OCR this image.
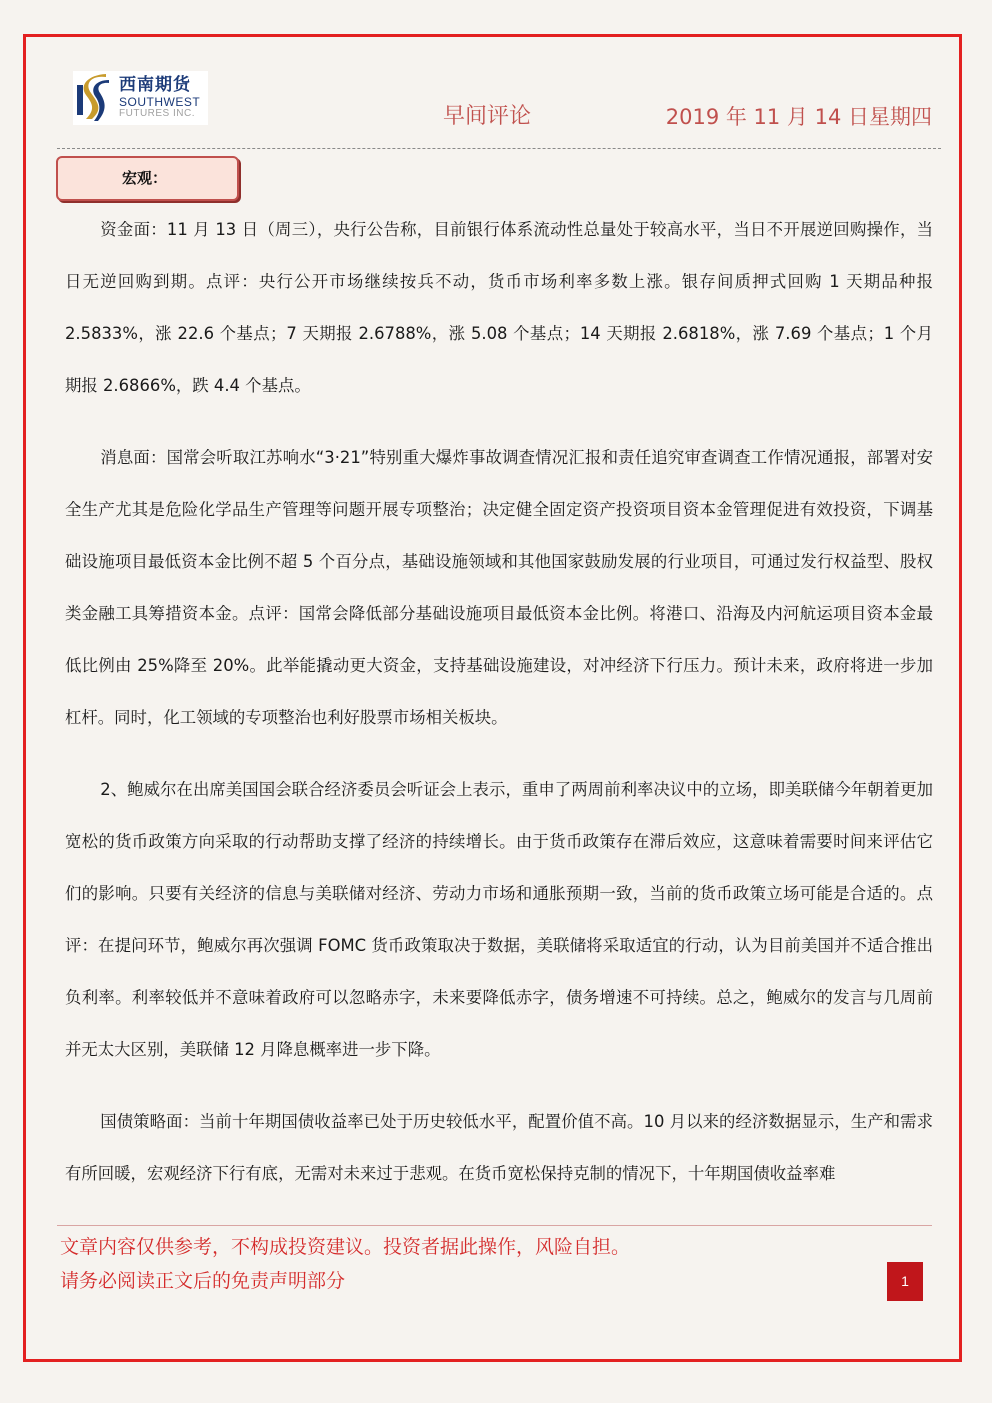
西南期货
SOUTHWEST
FUTURES INC.	早间评论	2019 年 11 月 14 日星期四
宏观：

资金面：11 月 13 日（周三），央行公告称，目前银行体系流动性总量处于较高水平，当日不开展逆回购操作，当日无逆回购到期。点评：央行公开市场继续按兵不动，货币市场利率多数上涨。银存间质押式回购 1 天期品种报 2.5833%，涨 22.6 个基点；7 天期报 2.6788%，涨 5.08 个基点；14 天期报 2.6818%，涨 7.69 个基点；1 个月期报 2.6866%，跌 4.4 个基点。

消息面：国常会听取江苏响水“3·21”特别重大爆炸事故调查情况汇报和责任追究审查调查工作情况通报，部署对安全生产尤其是危险化学品生产管理等问题开展专项整治；决定健全固定资产投资项目资本金管理促进有效投资，下调基础设施项目最低资本金比例不超 5 个百分点，基础设施领域和其他国家鼓励发展的行业项目，可通过发行权益型、股权类金融工具筹措资本金。点评：国常会降低部分基础设施项目最低资本金比例。将港口、沿海及内河航运项目资本金最低比例由 25%降至 20%。此举能撬动更大资金，支持基础设施建设，对冲经济下行压力。预计未来，政府将进一步加杠杆。同时，化工领域的专项整治也利好股票市场相关板块。

2、鲍威尔在出席美国国会联合经济委员会听证会上表示，重申了两周前利率决议中的立场，即美联储今年朝着更加宽松的货币政策方向采取的行动帮助支撑了经济的持续增长。由于货币政策存在滞后效应，这意味着需要时间来评估它们的影响。只要有关经济的信息与美联储对经济、劳动力市场和通胀预期一致，当前的货币政策立场可能是合适的。点评：在提问环节，鲍威尔再次强调 FOMC 货币政策取决于数据，美联储将采取适宜的行动，认为目前美国并不适合推出负利率。利率较低并不意味着政府可以忽略赤字，未来要降低赤字，债务增速不可持续。总之，鲍威尔的发言与几周前并无太大区别，美联储 12 月降息概率进一步下降。

国债策略面：当前十年期国债收益率已处于历史较低水平，配置价值不高。10 月以来的经济数据显示，生产和需求有所回暖，宏观经济下行有底，无需对未来过于悲观。在货币宽松保持克制的情况下，十年期国债收益率难

文章内容仅供参考，不构成投资建议。投资者据此操作，风险自担。
请务必阅读正文后的免责声明部分	1
